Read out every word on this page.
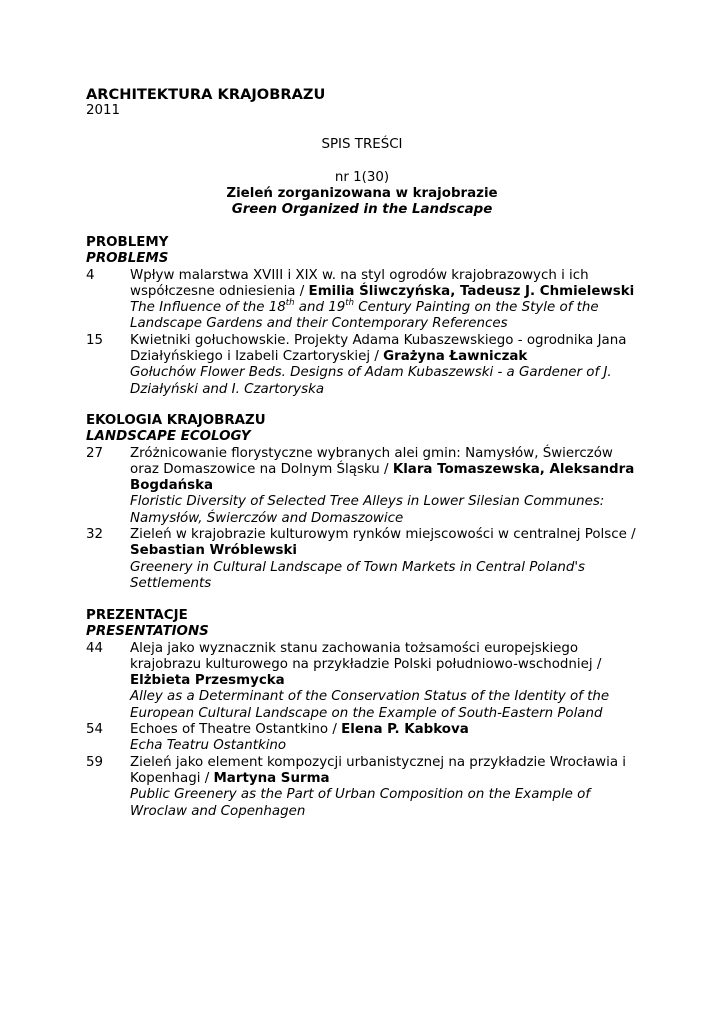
ARCHITEKTURA KRAJOBRAZU
2011
SPIS TREŚCI
nr 1(30)
Zieleń zorganizowana w krajobrazie
Green Organized in the Landscape
PROBLEMY
PROBLEMS
4	Wpływ malarstwa XVIII i XIX w. na styl ogrodów krajobrazowych i ich współczesne odniesienia / Emilia Śliwczyńska, Tadeusz J. Chmielewski
The Influence of the 18th and 19th Century Painting on the Style of the Landscape Gardens and their Contemporary References
15 Kwietniki gołuchowskie. Projekty Adama Kubaszewskiego - ogrodnika Jana Działyńskiego i Izabeli Czartoryskiej / Grażyna Ławniczak
Gołuchów Flower Beds. Designs of Adam Kubaszewski - a Gardener of J. Działyński and I. Czartoryska
EKOLOGIA KRAJOBRAZU
LANDSCAPE ECOLOGY
27 Zróżnicowanie florystyczne wybranych alei gmin: Namysłów, Świerczów oraz Domaszowice na Dolnym Śląsku / Klara Tomaszewska, Aleksandra Bogdańska
Floristic Diversity of Selected Tree Alleys in Lower Silesian Communes: Namysłów, Świerczów and Domaszowice
32 Zieleń w krajobrazie kulturowym rynków miejscowości w centralnej Polsce / Sebastian Wróblewski
Greenery in Cultural Landscape of Town Markets in Central Poland's Settlements
PREZENTACJE
PRESENTATIONS
44 Aleja jako wyznacznik stanu zachowania tożsamości europejskiego krajobrazu kulturowego na przykładzie Polski południowo-wschodniej / Elżbieta Przesmycka
Alley as a Determinant of the Conservation Status of the Identity of the European Cultural Landscape on the Example of South-Eastern Poland
54 Echoes of Theatre Ostantkino / Elena P. Kabkova
Echa Teatru Ostantkino
59 Zieleń jako element kompozycji urbanistycznej na przykładzie Wrocławia i Kopenhagi / Martyna Surma
Public Greenery as the Part of Urban Composition on the Example of Wroclaw and Copenhagen
